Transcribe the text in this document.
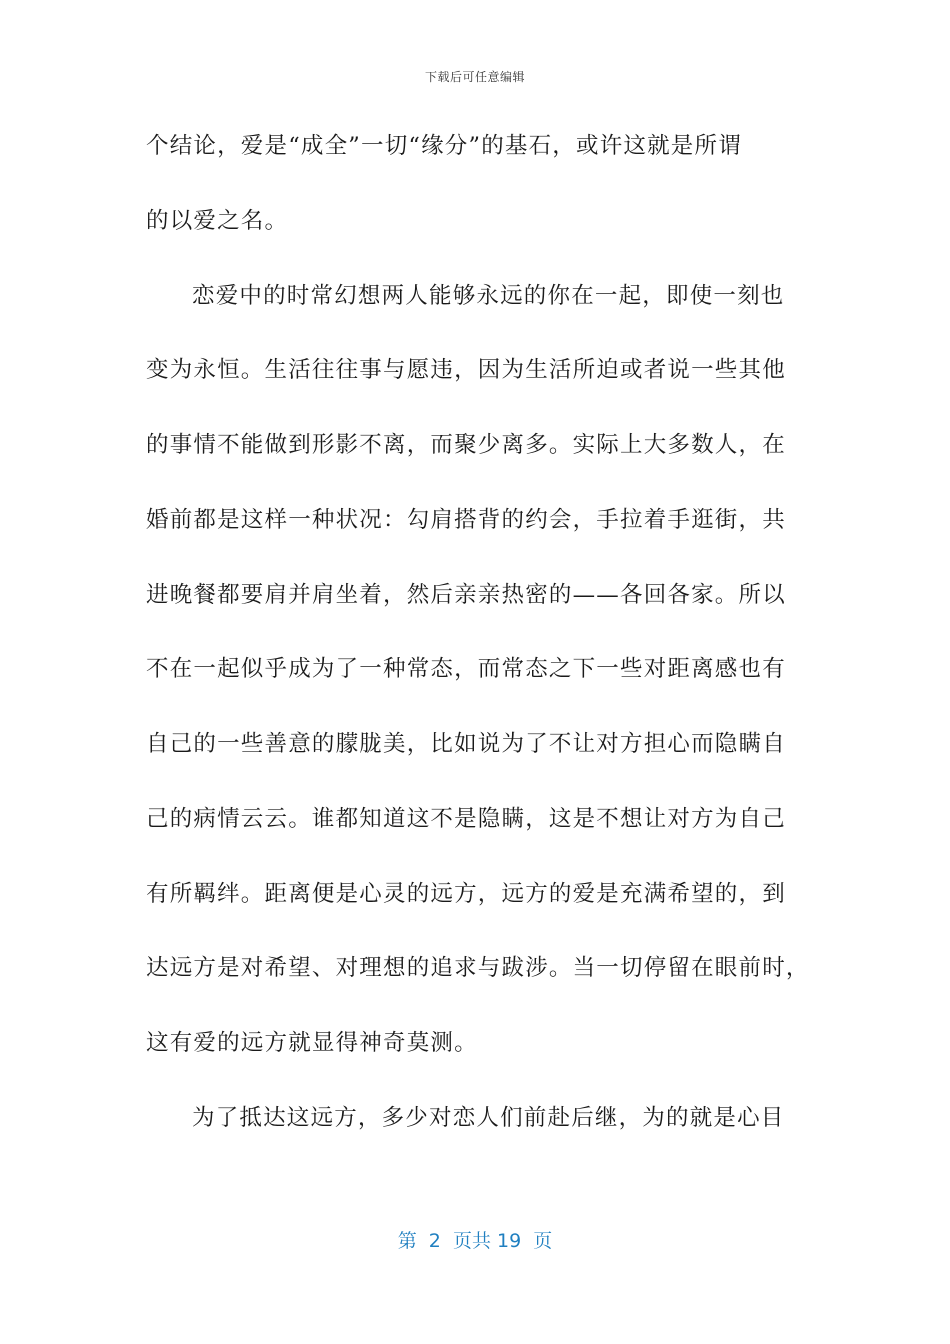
下载后可任意编辑
个结论，爱是“成全”一切“缘分”的基石，或许这就是所谓
的以爱之名。
恋爱中的时常幻想两人能够永远的你在一起，即使一刻也
变为永恒。生活往往事与愿违，因为生活所迫或者说一些其他
的事情不能做到形影不离，而聚少离多。实际上大多数人，在
婚前都是这样一种状况：勾肩搭背的约会，手拉着手逛街，共
进晚餐都要肩并肩坐着，然后亲亲热密的——各回各家。所以
不在一起似乎成为了一种常态，而常态之下一些对距离感也有
自己的一些善意的朦胧美，比如说为了不让对方担心而隐瞒自
己的病情云云。谁都知道这不是隐瞒，这是不想让对方为自己
有所羁绊。距离便是心灵的远方，远方的爱是充满希望的，到
达远方是对希望、对理想的追求与跋涉。当一切停留在眼前时，
这有爱的远方就显得神奇莫测。
为了抵达这远方，多少对恋人们前赴后继，为的就是心目
第  2  页共 19  页
